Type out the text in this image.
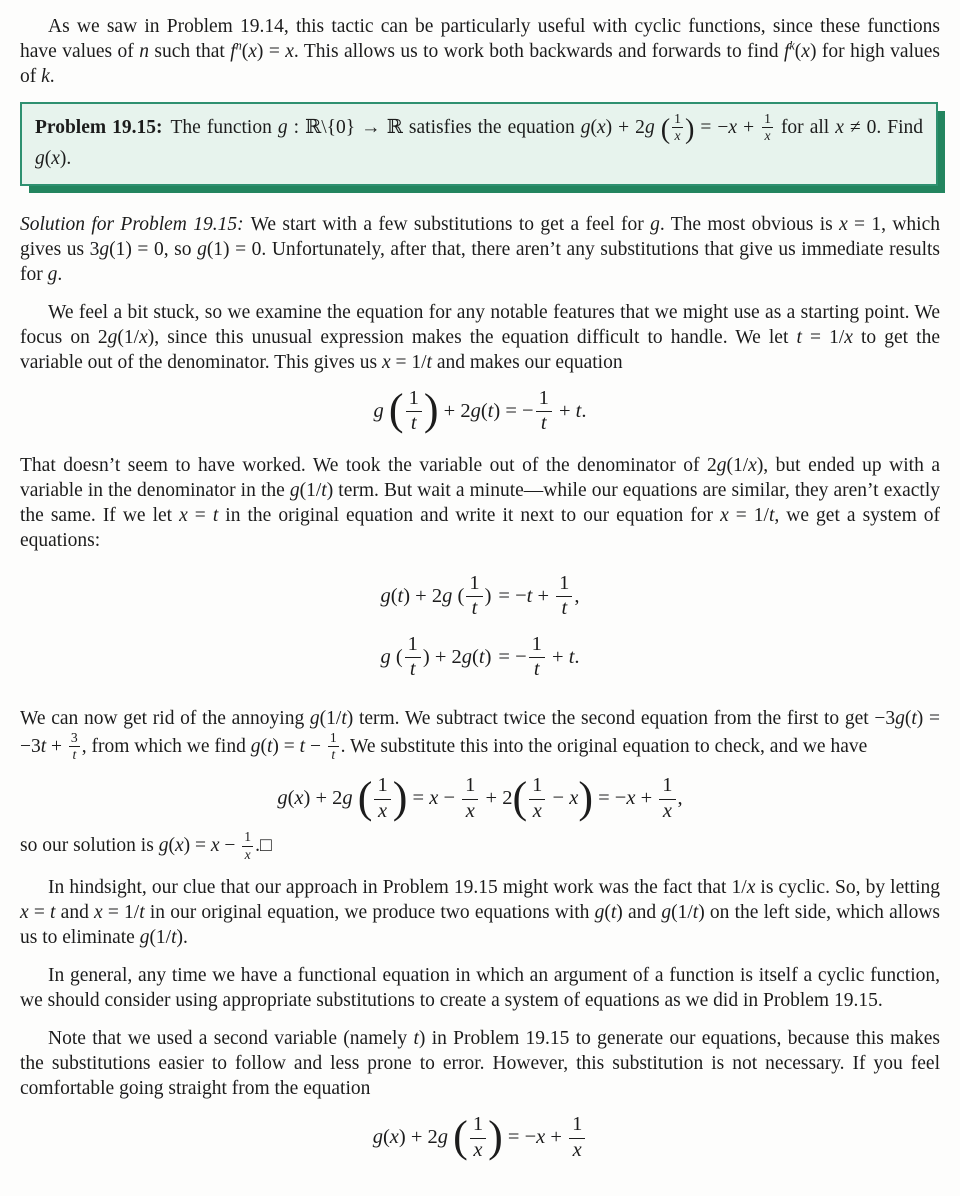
As we saw in Problem 19.14, this tactic can be particularly useful with cyclic functions, since these functions have values of n such that $f^n(x) = x$. This allows us to work both backwards and forwards to find $f^k(x)$ for high values of k.

Problem 19.15: The function g : ℝ\{0} → ℝ satisfies the equation g(x) + 2g ( $\frac{1}{x}$ ) = $-x + \frac{1}{x}$ for all x ≠ 0. Find g(x).

Solution for Problem 19.15: We start with a few substitutions to get a feel for g. The most obvious is x = 1, which gives us 3g(1) = 0, so g(1) = 0. Unfortunately, after that, there aren’t any substitutions that give us immediate results for g.

We feel a bit stuck, so we examine the equation for any notable features that we might use as a starting point. We focus on 2g(1/x), since this unusual expression makes the equation difficult to handle. We let t = 1/x to get the variable out of the denominator. This gives us x = 1/t and makes our equation

g ( $\frac{1}{t}$ ) + 2g(t) = − $\frac{1}{t} + t$.

That doesn’t seem to have worked. We took the variable out of the denominator of 2g(1/x), but ended up with a variable in the denominator in the g(1/t) term. But wait a minute—while our equations are similar, they aren’t exactly the same. If we let x = t in the original equation and write it next to our equation for x = 1/t, we get a system of equations:

g(t) + 2g ( $\frac{1}{t}$ )	= $-t + \frac{1}{t}$ ,
g ( $\frac{1}{t}$ ) + 2g(t)	= − $\frac{1}{t} + t$.

We can now get rid of the annoying g(1/t) term. We subtract twice the second equation from the first to get $-3g(t) = -3t + \frac{3}{t}$ , from which we find $g(t) = t - \frac{1}{t}$ . We substitute this into the original equation to check, and we have

g(x) + 2g ( $\frac{1}{x}$ ) = $x - \frac{1}{x} + 2( \frac{1}{x} - x) = -x + \frac{1}{x}$ ,

so our solution is $g(x) = x - \frac{1}{x}$ .□

In hindsight, our clue that our approach in Problem 19.15 might work was the fact that 1/x is cyclic. So, by letting x = t and x = 1/t in our original equation, we produce two equations with g(t) and g(1/t) on the left side, which allows us to eliminate g(1/t).

In general, any time we have a functional equation in which an argument of a function is itself a cyclic function, we should consider using appropriate substitutions to create a system of equations as we did in Problem 19.15.

Note that we used a second variable (namely t) in Problem 19.15 to generate our equations, because this makes the substitutions easier to follow and less prone to error. However, this substitution is not necessary. If you feel comfortable going straight from the equation

g(x) + 2g ( $\frac{1}{x}$ ) = $-x + \frac{1}{x}$
